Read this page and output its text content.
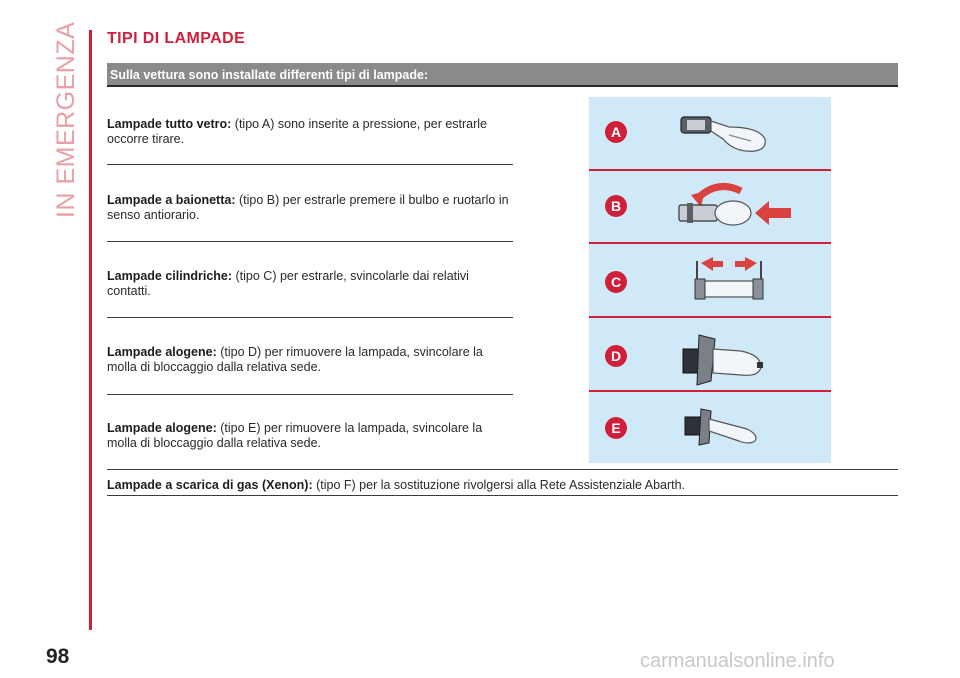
IN EMERGENZA
98	carmanualsonline.info
TIPI DI LAMPADE
Sulla vettura sono installate differenti tipi di lampade:
Lampade tutto vetro: (tipo A) sono inserite a pressione, per estrarle occorre tirare.
Lampade a baionetta: (tipo B) per estrarle premere il bulbo e ruotarlo in senso antiorario.
Lampade cilindriche: (tipo C) per estrarle, svincolarle dai relativi contatti.
Lampade alogene: (tipo D) per rimuovere la lampada, svincolare la molla di bloccaggio dalla relativa sede.
Lampade alogene: (tipo E) per rimuovere la lampada, svincolare la molla di bloccaggio dalla relativa sede.
A
B
C
D
E
Lampade a scarica di gas (Xenon): (tipo F) per la sostituzione rivolgersi alla Rete Assistenziale Abarth.
